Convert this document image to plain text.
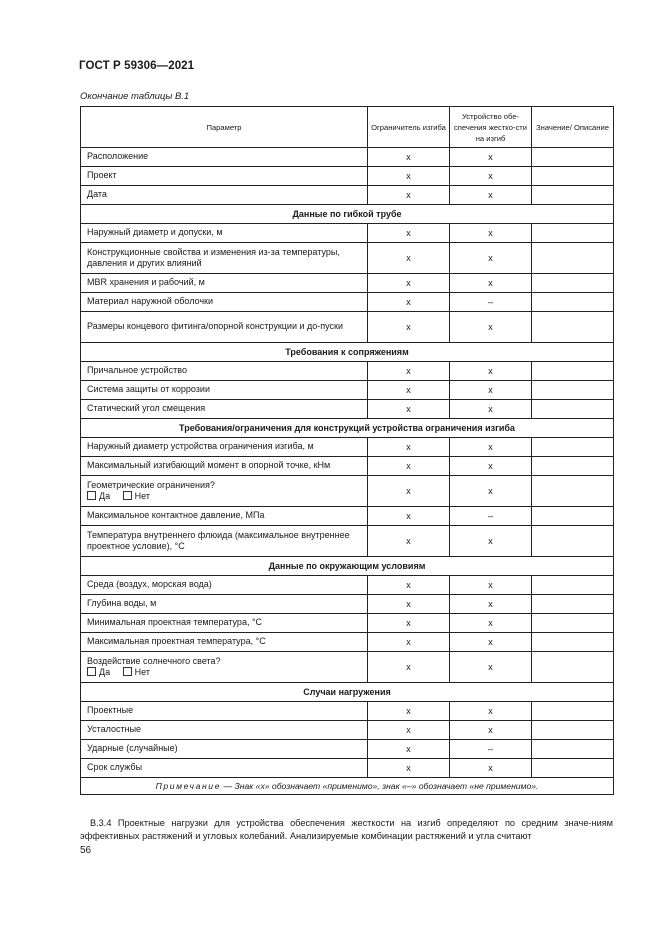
ГОСТ Р 59306—2021
Окончание таблицы В.1
Параметр	Ограничитель изгиба	Устройство обе-спечения жестко-сти на изгиб	Значение/ Описание
Расположение	x	x	
Проект	x	x	
Дата	x	x	
Данные по гибкой трубе			
Наружный диаметр и допуски, м	x	x	
Конструкционные свойства и изменения из-за температуры, давления и других влияний	x	x	
MBR хранения и рабочий, м	x	x	
Материал наружной оболочки	x	–	
Размеры концевого фитинга/опорной конструкции и до-пуски	x	x	
Требования к сопряжениям			
Причальное устройство	x	x	
Система защиты от коррозии	x	x	
Статический угол смещения	x	x	
Требования/ограничения для конструкций устройства ограничения изгиба			
Наружный диаметр устройства ограничения изгиба, м	x	x	
Максимальный изгибающий момент в опорной точке, кНм	x	x	

Геометрические ограничения?
Да Нет	x	x	
Максимальное контактное давление, МПа	x	–	
Температура внутреннего флюида (максимальное внутреннее проектное условие), °С	x	x	
Данные по окружающим условиям			
Среда (воздух, морская вода)	x	x	
Глубина воды, м	x	x	
Минимальная проектная температура, °С	x	x	
Максимальная проектная температура, °С	x	x	

Воздействие солнечного света?
Да Нет	x	x	
Случаи нагружения			
Проектные	x	x	
Усталостные	x	x	
Ударные (случайные)	x	–	
Срок службы	x	x	
Примечание — Знак «x» обозначает «применимо», знак «–» обозначает «не применимо».			
В.3.4 Проектные нагрузки для устройства обеспечения жесткости на изгиб определяют по средним значе-ниям эффективных растяжений и угловых колебаний. Анализируемые комбинации растяжений и угла считают
56
